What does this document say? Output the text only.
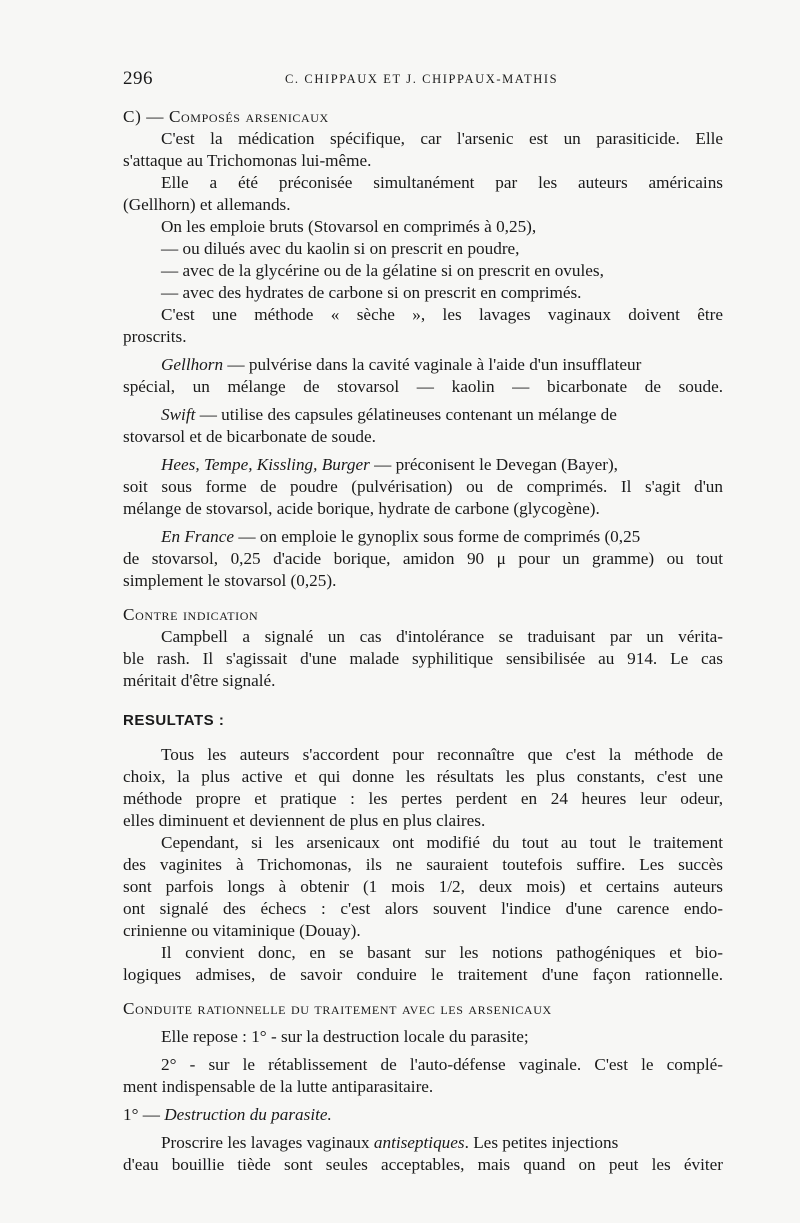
296	C. CHIPPAUX ET J. CHIPPAUX-MATHIS
C) — Composés arsenicaux
C'est la médication spécifique, car l'arsenic est un parasiticide. Elle
s'attaque au Trichomonas lui-même.
Elle a été préconisée simultanément par les auteurs américains
(Gellhorn) et allemands.
On les emploie bruts (Stovarsol en comprimés à 0,25),
— ou dilués avec du kaolin si on prescrit en poudre,
— avec de la glycérine ou de la gélatine si on prescrit en ovules,
— avec des hydrates de carbone si on prescrit en comprimés.
C'est une méthode « sèche », les lavages vaginaux doivent être
proscrits.
Gellhorn — pulvérise dans la cavité vaginale à l'aide d'un insufflateur
spécial, un mélange de stovarsol — kaolin — bicarbonate de soude.
Swift — utilise des capsules gélatineuses contenant un mélange de
stovarsol et de bicarbonate de soude.
Hees, Tempe, Kissling, Burger — préconisent le Devegan (Bayer),
soit sous forme de poudre (pulvérisation) ou de comprimés. Il s'agit d'un
mélange de stovarsol, acide borique, hydrate de carbone (glycogène).
En France — on emploie le gynoplix sous forme de comprimés (0,25
de stovarsol, 0,25 d'acide borique, amidon 90 μ pour un gramme) ou tout
simplement le stovarsol (0,25).
Contre indication
Campbell a signalé un cas d'intolérance se traduisant par un vérita-
ble rash. Il s'agissait d'une malade syphilitique sensibilisée au 914. Le cas
méritait d'être signalé.
RESULTATS :
Tous les auteurs s'accordent pour reconnaître que c'est la méthode de
choix, la plus active et qui donne les résultats les plus constants, c'est une
méthode propre et pratique : les pertes perdent en 24 heures leur odeur,
elles diminuent et deviennent de plus en plus claires.
Cependant, si les arsenicaux ont modifié du tout au tout le traitement
des vaginites à Trichomonas, ils ne sauraient toutefois suffire. Les succès
sont parfois longs à obtenir (1 mois 1/2, deux mois) et certains auteurs
ont signalé des échecs : c'est alors souvent l'indice d'une carence endo-
crinienne ou vitaminique (Douay).
Il convient donc, en se basant sur les notions pathogéniques et bio-
logiques admises, de savoir conduire le traitement d'une façon rationnelle.
Conduite rationnelle du traitement avec les arsenicaux
Elle repose : 1° - sur la destruction locale du parasite;
2° - sur le rétablissement de l'auto-défense vaginale. C'est le complé-
ment indispensable de la lutte antiparasitaire.
1° — Destruction du parasite.
Proscrire les lavages vaginaux antiseptiques. Les petites injections
d'eau bouillie tiède sont seules acceptables, mais quand on peut les éviter
